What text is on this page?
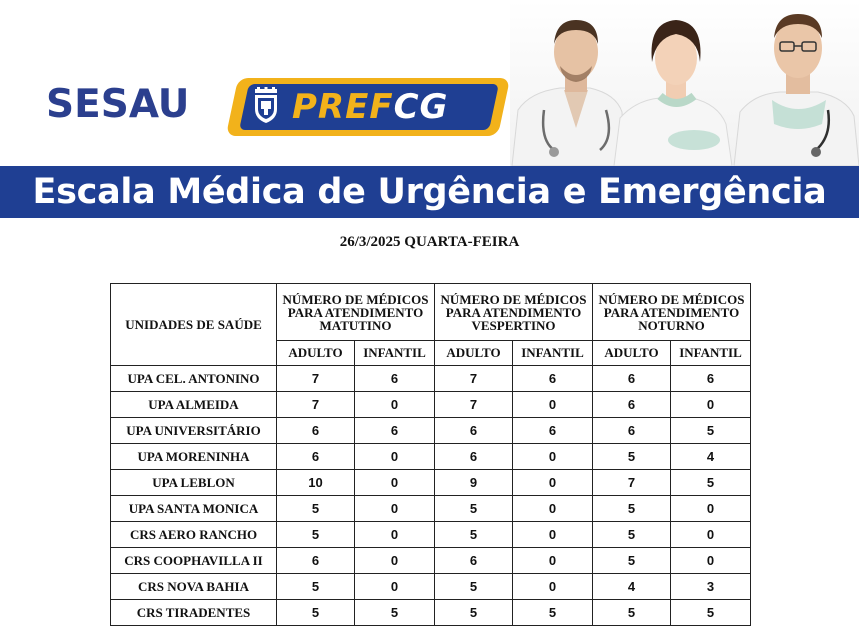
SESAU	PREFCG
Escala Médica de Urgência e Emergência
26/3/2025 QUARTA-FEIRA
UNIDADES DE SAÚDE	NÚMERO DE MÉDICOS PARA ATENDIMENTO MATUTINO		NÚMERO DE MÉDICOS PARA ATENDIMENTO VESPERTINO		NÚMERO DE MÉDICOS PARA ATENDIMENTO NOTURNO	
	ADULTO	INFANTIL	ADULTO	INFANTIL	ADULTO	INFANTIL
UPA CEL. ANTONINO	7	6	7	6	6	6
UPA ALMEIDA	7	0	7	0	6	0
UPA UNIVERSITÁRIO	6	6	6	6	6	5
UPA MORENINHA	6	0	6	0	5	4
UPA LEBLON	10	0	9	0	7	5
UPA SANTA MONICA	5	0	5	0	5	0
CRS AERO RANCHO	5	0	5	0	5	0
CRS COOPHAVILLA II	6	0	6	0	5	0
CRS NOVA BAHIA	5	0	5	0	4	3
CRS TIRADENTES	5	5	5	5	5	5
